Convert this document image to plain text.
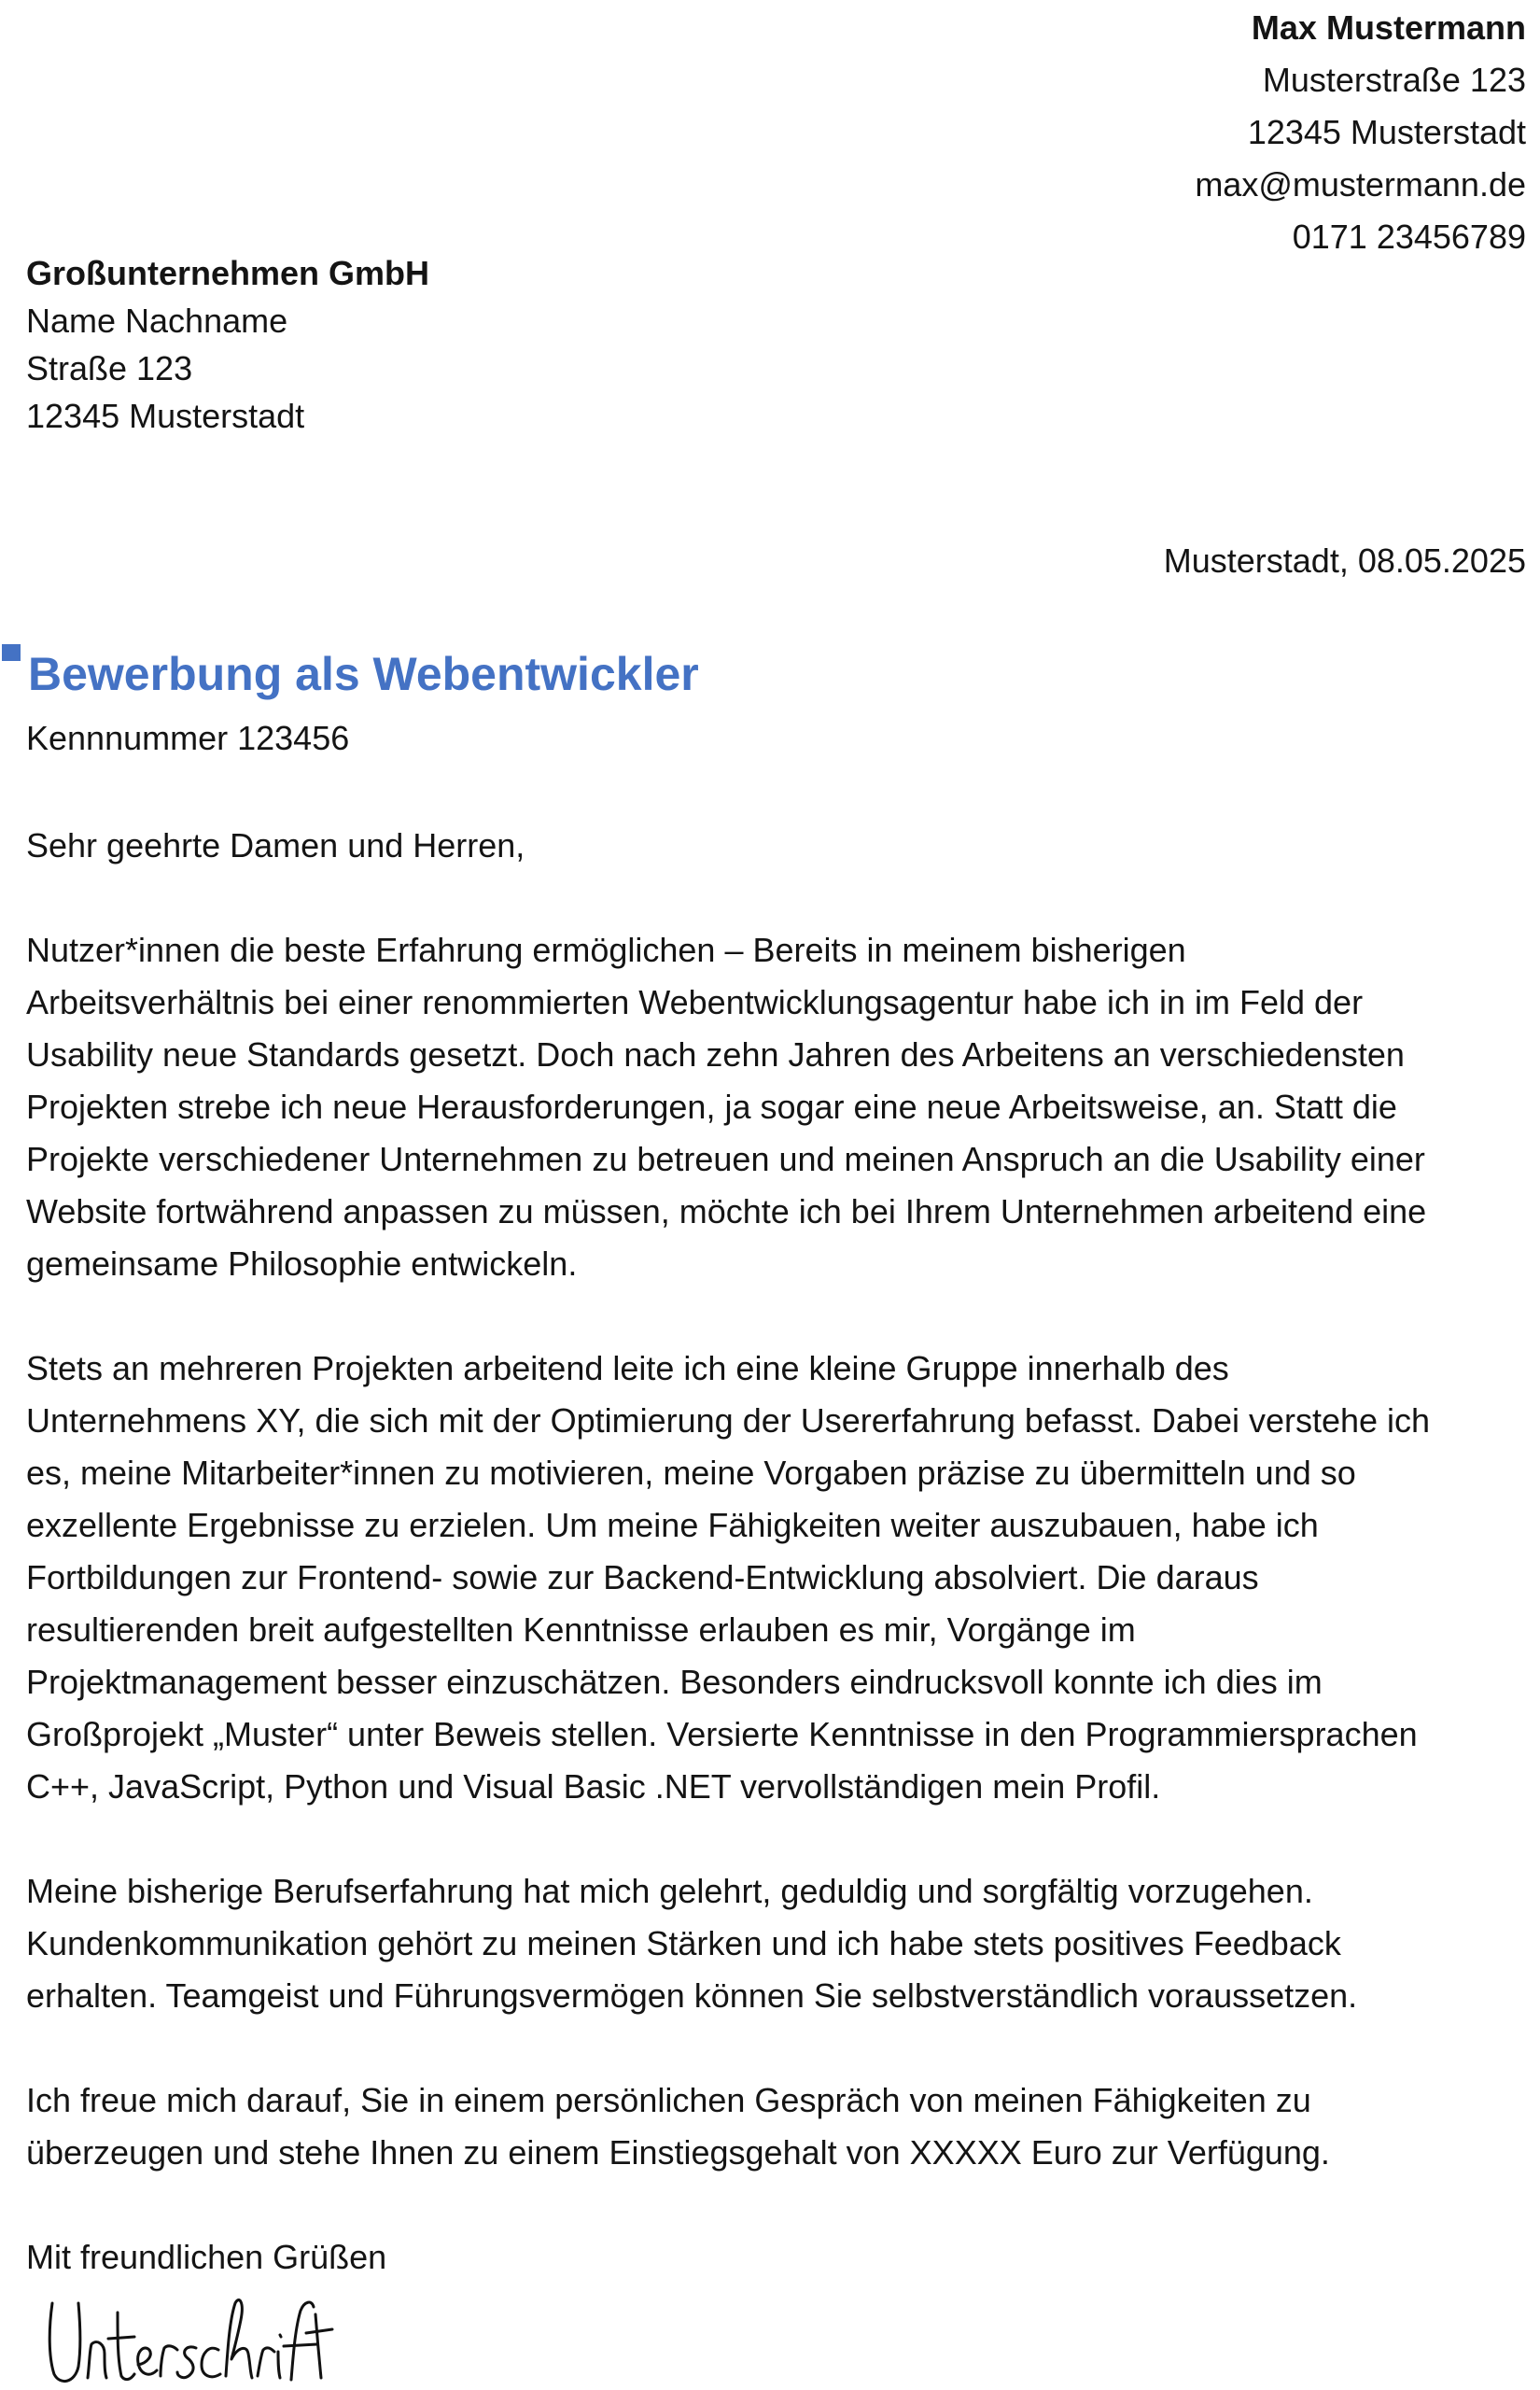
Max Mustermann
Musterstraße 123
12345 Musterstadt
max@mustermann.de
0171 23456789
Großunternehmen GmbH
Name Nachname
Straße 123
12345 Musterstadt
Musterstadt, 08.05.2025
Bewerbung als Webentwickler
Kennnummer 123456

Sehr geehrte Damen und Herren,

Nutzer*innen die beste Erfahrung ermöglichen – Bereits in meinem bisherigen
Arbeitsverhältnis bei einer renommierten Webentwicklungsagentur habe ich in im Feld der
Usability neue Standards gesetzt. Doch nach zehn Jahren des Arbeitens an verschiedensten
Projekten strebe ich neue Herausforderungen, ja sogar eine neue Arbeitsweise, an. Statt die
Projekte verschiedener Unternehmen zu betreuen und meinen Anspruch an die Usability einer
Website fortwährend anpassen zu müssen, möchte ich bei Ihrem Unternehmen arbeitend eine
gemeinsame Philosophie entwickeln.

Stets an mehreren Projekten arbeitend leite ich eine kleine Gruppe innerhalb des
Unternehmens XY, die sich mit der Optimierung der Usererfahrung befasst. Dabei verstehe ich
es, meine Mitarbeiter*innen zu motivieren, meine Vorgaben präzise zu übermitteln und so
exzellente Ergebnisse zu erzielen. Um meine Fähigkeiten weiter auszubauen, habe ich
Fortbildungen zur Frontend- sowie zur Backend-Entwicklung absolviert. Die daraus
resultierenden breit aufgestellten Kenntnisse erlauben es mir, Vorgänge im
Projektmanagement besser einzuschätzen. Besonders eindrucksvoll konnte ich dies im
Großprojekt „Muster“ unter Beweis stellen. Versierte Kenntnisse in den Programmiersprachen
C++, JavaScript, Python und Visual Basic .NET vervollständigen mein Profil.

Meine bisherige Berufserfahrung hat mich gelehrt, geduldig und sorgfältig vorzugehen.
Kundenkommunikation gehört zu meinen Stärken und ich habe stets positives Feedback
erhalten. Teamgeist und Führungsvermögen können Sie selbstverständlich voraussetzen.

Ich freue mich darauf, Sie in einem persönlichen Gespräch von meinen Fähigkeiten zu
überzeugen und stehe Ihnen zu einem Einstiegsgehalt von XXXXX Euro zur Verfügung.

Mit freundlichen Grüßen
